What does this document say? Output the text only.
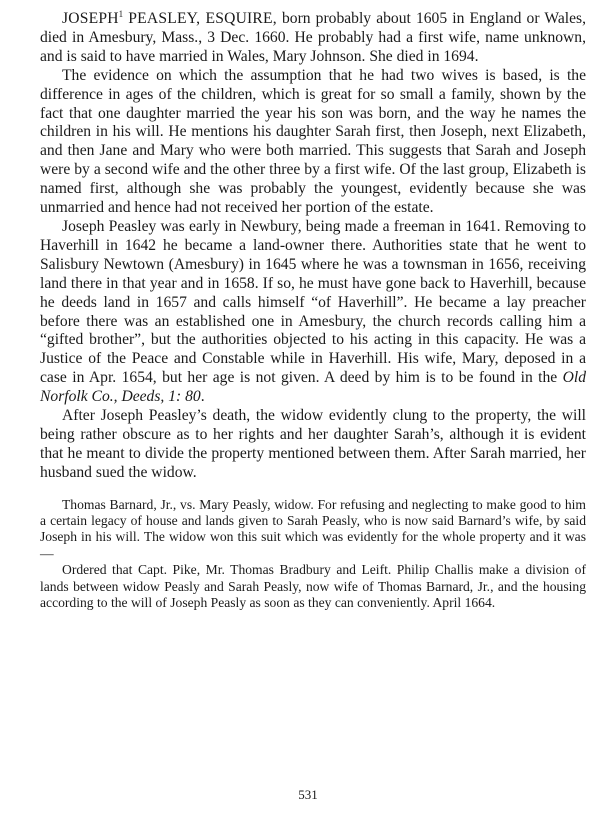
JOSEPH$^1$ PEASLEY, ESQUIRE, born probably about 1605 in England or Wales, died in Amesbury, Mass., 3 Dec. 1660. He probably had a first wife, name unknown, and is said to have married in Wales, Mary Johnson. She died in 1694.

The evidence on which the assumption that he had two wives is based, is the difference in ages of the children, which is great for so small a family, shown by the fact that one daughter married the year his son was born, and the way he names the children in his will. He mentions his daughter Sarah first, then Joseph, next Elizabeth, and then Jane and Mary who were both married. This suggests that Sarah and Joseph were by a second wife and the other three by a first wife. Of the last group, Elizabeth is named first, although she was probably the youngest, evidently because she was unmarried and hence had not received her portion of the estate.

Joseph Peasley was early in Newbury, being made a freeman in 1641. Removing to Haverhill in 1642 he became a land-owner there. Authorities state that he went to Salisbury Newtown (Amesbury) in 1645 where he was a townsman in 1656, receiving land there in that year and in 1658. If so, he must have gone back to Haverhill, because he deeds land in 1657 and calls himself “of Haverhill”. He became a lay preacher before there was an established one in Amesbury, the church records calling him a “gifted brother”, but the authorities objected to his acting in this capacity. He was a Justice of the Peace and Constable while in Haverhill. His wife, Mary, deposed in a case in Apr. 1654, but her age is not given. A deed by him is to be found in the Old Norfolk Co., Deeds, 1: 80.

After Joseph Peasley’s death, the widow evidently clung to the property, the will being rather obscure as to her rights and her daughter Sarah’s, although it is evident that he meant to divide the property mentioned between them. After Sarah married, her husband sued the widow.

Thomas Barnard, Jr., vs. Mary Peasly, widow. For refusing and neglecting to make good to him a certain legacy of house and lands given to Sarah Peasly, who is now said Barnard’s wife, by said Joseph in his will. The widow won this suit which was evidently for the whole property and it was—

Ordered that Capt. Pike, Mr. Thomas Bradbury and Leift. Philip Challis make a division of lands between widow Peasly and Sarah Peasly, now wife of Thomas Barnard, Jr., and the housing according to the will of Joseph Peasly as soon as they can conveniently. April 1664.

531
